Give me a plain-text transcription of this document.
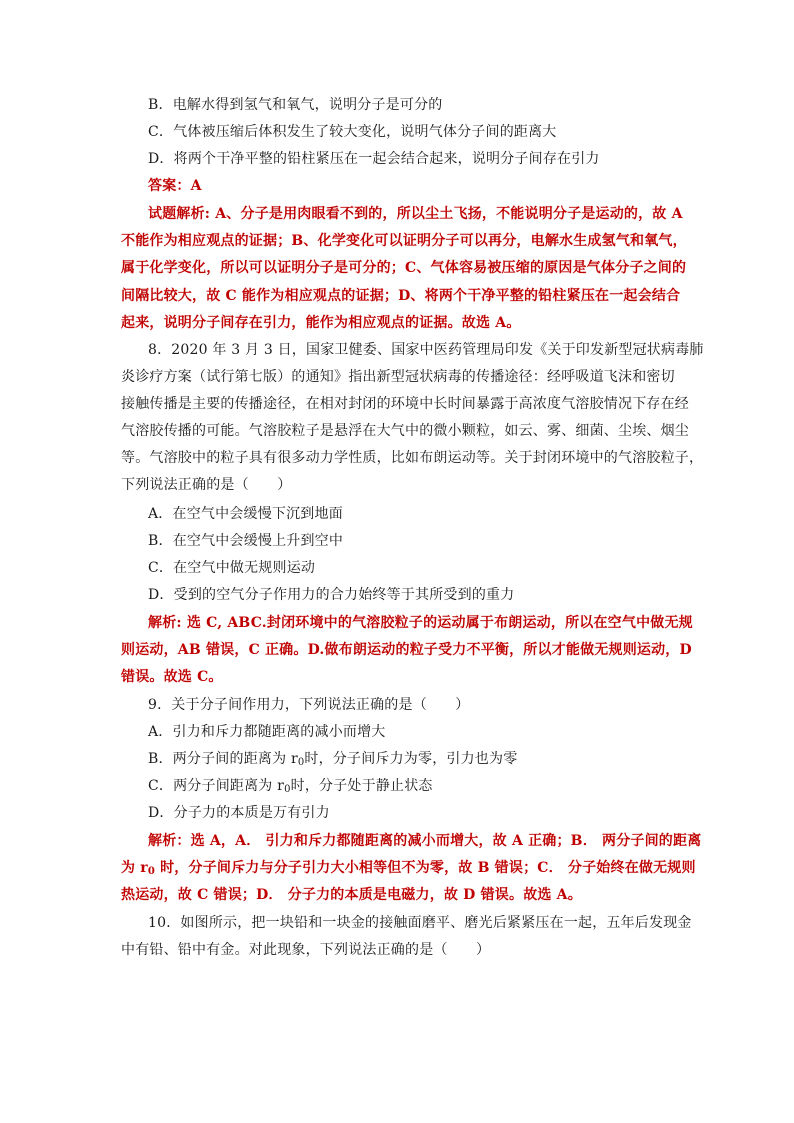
B．电解水得到氢气和氧气，说明分子是可分的
C．气体被压缩后体积发生了较大变化，说明气体分子间的距离大
D．将两个干净平整的铅柱紧压在一起会结合起来，说明分子间存在引力
答案：A
试题解析: A、分子是用肉眼看不到的，所以尘土飞扬，不能说明分子是运动的，故 A
不能作为相应观点的证据；B、化学变化可以证明分子可以再分，电解水生成氢气和氧气，
属于化学变化，所以可以证明分子是可分的；C、气体容易被压缩的原因是气体分子之间的
间隔比较大，故 C 能作为相应观点的证据；D、将两个干净平整的铅柱紧压在一起会结合
起来，说明分子间存在引力，能作为相应观点的证据。故选 A。
8．2020 年 3 月 3 日，国家卫健委、国家中医药管理局印发《关于印发新型冠状病毒肺
炎诊疗方案（试行第七版）的通知》指出新型冠状病毒的传播途径：经呼吸道飞沫和密切
接触传播是主要的传播途径，在相对封闭的环境中长时间暴露于高浓度气溶胶情况下存在经
气溶胶传播的可能。气溶胶粒子是悬浮在大气中的微小颗粒，如云、雾、细菌、尘埃、烟尘
等。气溶胶中的粒子具有很多动力学性质，比如布朗运动等。关于封闭环境中的气溶胶粒子，
下列说法正确的是（　　）
A．在空气中会缓慢下沉到地面
B．在空气中会缓慢上升到空中
C．在空气中做无规则运动
D．受到的空气分子作用力的合力始终等于其所受到的重力
解析: 选 C, ABC.封闭环境中的气溶胶粒子的运动属于布朗运动，所以在空气中做无规
则运动，AB 错误，C 正确。D.做布朗运动的粒子受力不平衡，所以才能做无规则运动，D
错误。故选 C。
9．关于分子间作用力，下列说法正确的是（　　）
A．引力和斥力都随距离的减小而增大
B．两分子间的距离为 $r_0$时，分子间斥力为零，引力也为零
C．两分子间距离为 $r_0$时，分子处于静止状态
D．分子力的本质是万有引力
解析：选 A，A． 引力和斥力都随距离的减小而增大，故 A 正确；B． 两分子间的距离
为 $r_0$ 时，分子间斥力与分子引力大小相等但不为零，故 B 错误；C． 分子始终在做无规则
热运动，故 C 错误；D． 分子力的本质是电磁力，故 D 错误。故选 A。
10．如图所示，把一块铅和一块金的接触面磨平、磨光后紧紧压在一起，五年后发现金
中有铅、铅中有金。对此现象，下列说法正确的是（　　）
